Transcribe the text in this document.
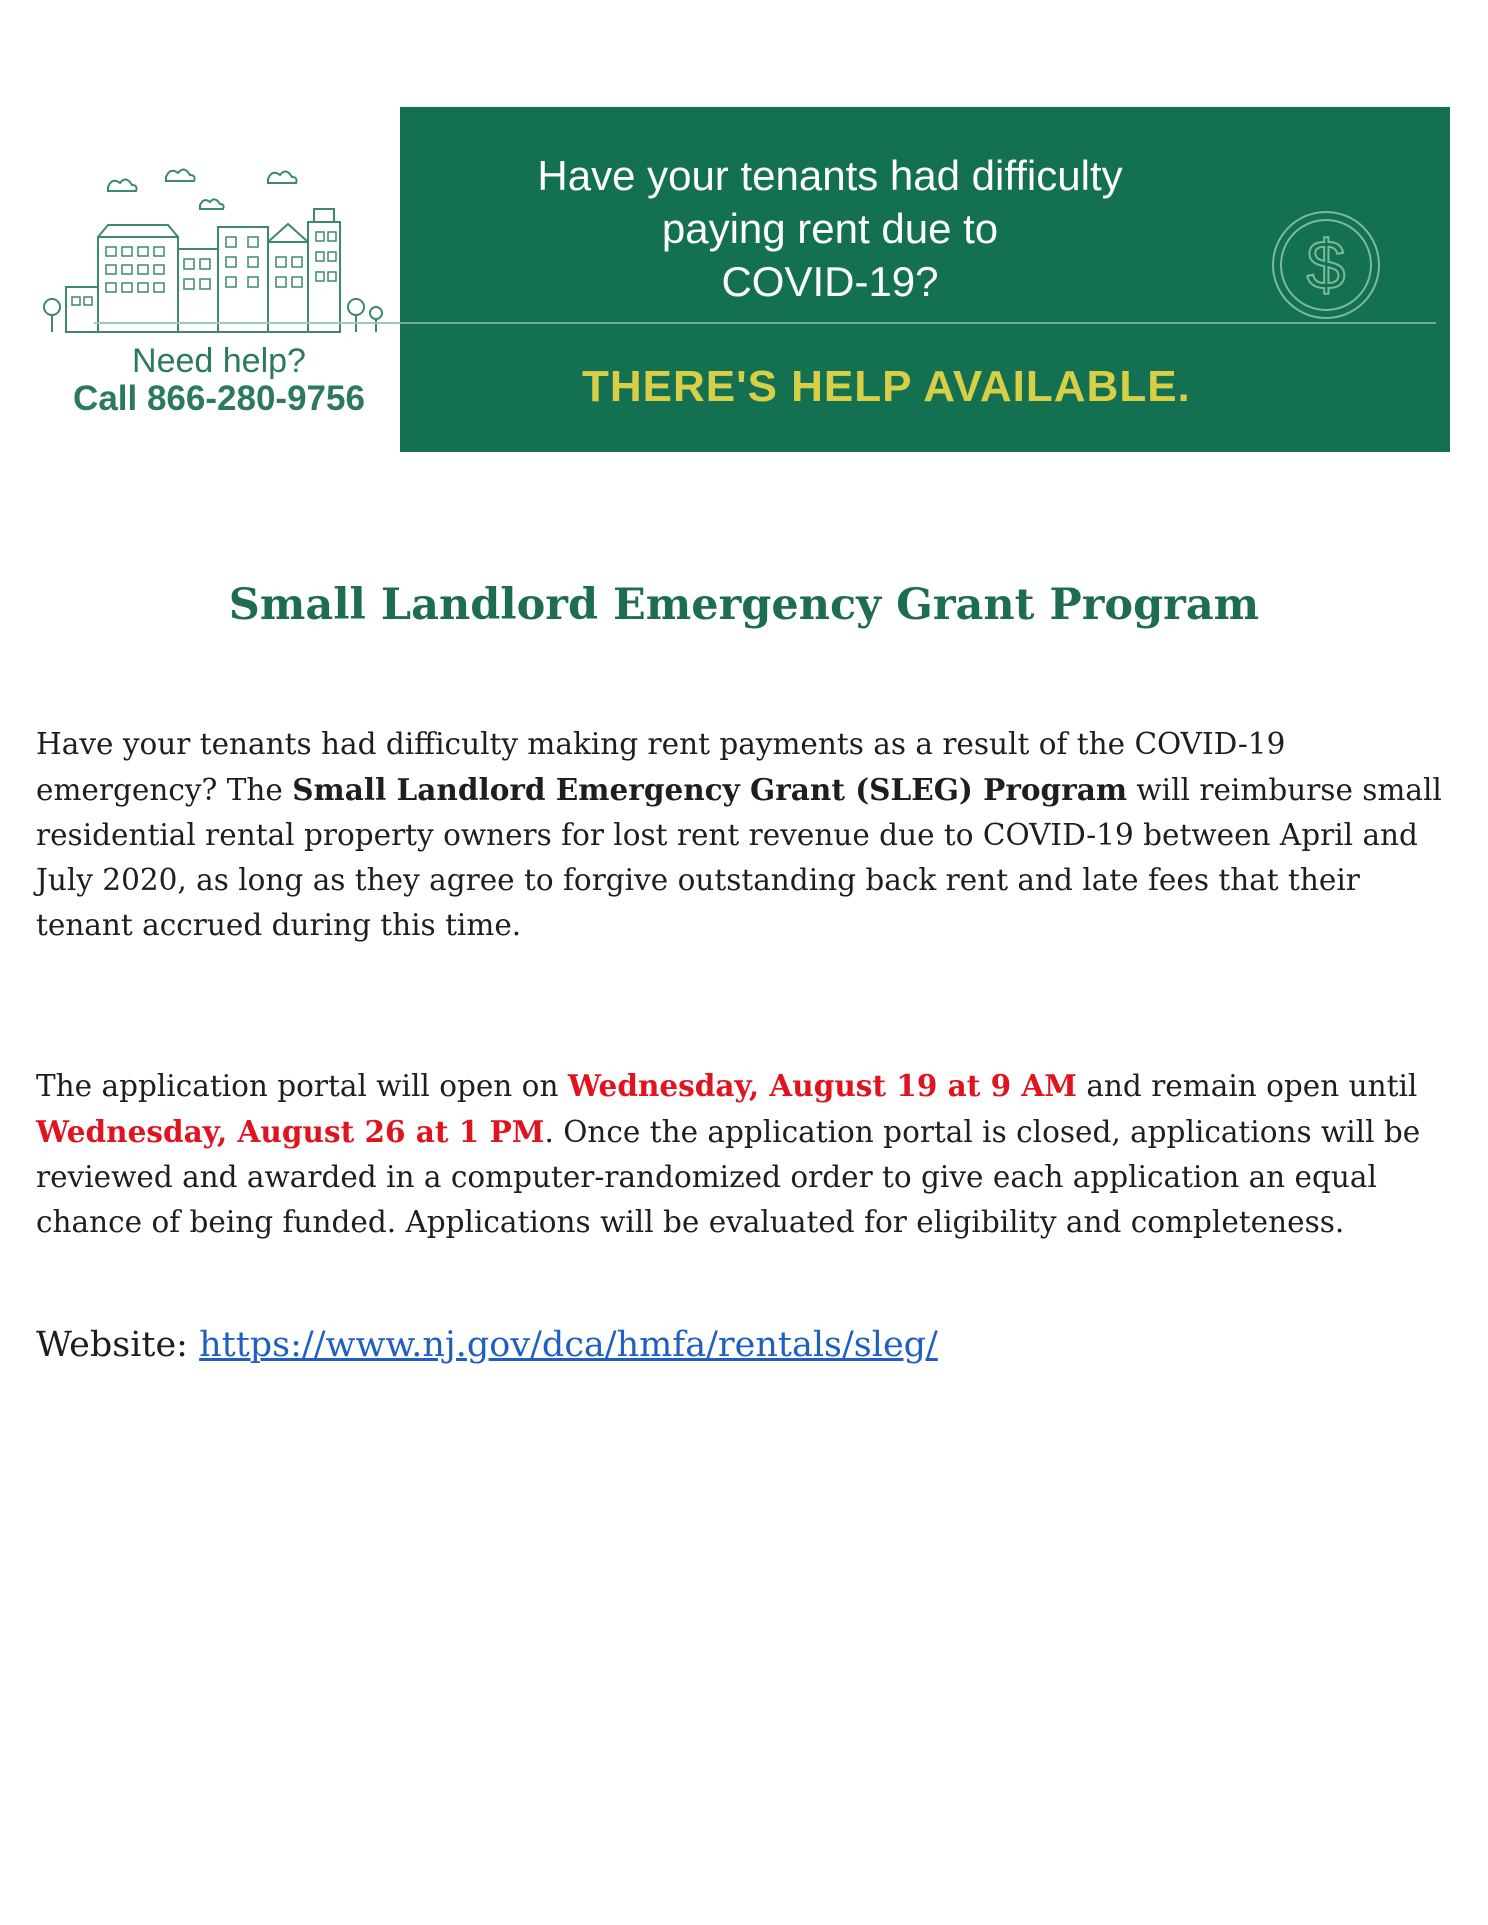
Need help?
Call 866-280-9756
Have your tenants had difficulty
paying rent due to
COVID-19?	$
THERE'S HELP AVAILABLE.
Small Landlord Emergency Grant Program
Have your tenants had difficulty making rent payments as a result of the COVID-19 emergency? The Small Landlord Emergency Grant (SLEG) Program will reimburse small residential rental property owners for lost rent revenue due to COVID-19 between April and July 2020, as long as they agree to forgive outstanding back rent and late fees that their tenant accrued during this time.
The application portal will open on Wednesday, August 19 at 9 AM and remain open until Wednesday, August 26 at 1 PM. Once the application portal is closed, applications will be reviewed and awarded in a computer-randomized order to give each application an equal chance of being funded. Applications will be evaluated for eligibility and completeness.
Website: https://www.nj.gov/dca/hmfa/rentals/sleg/
